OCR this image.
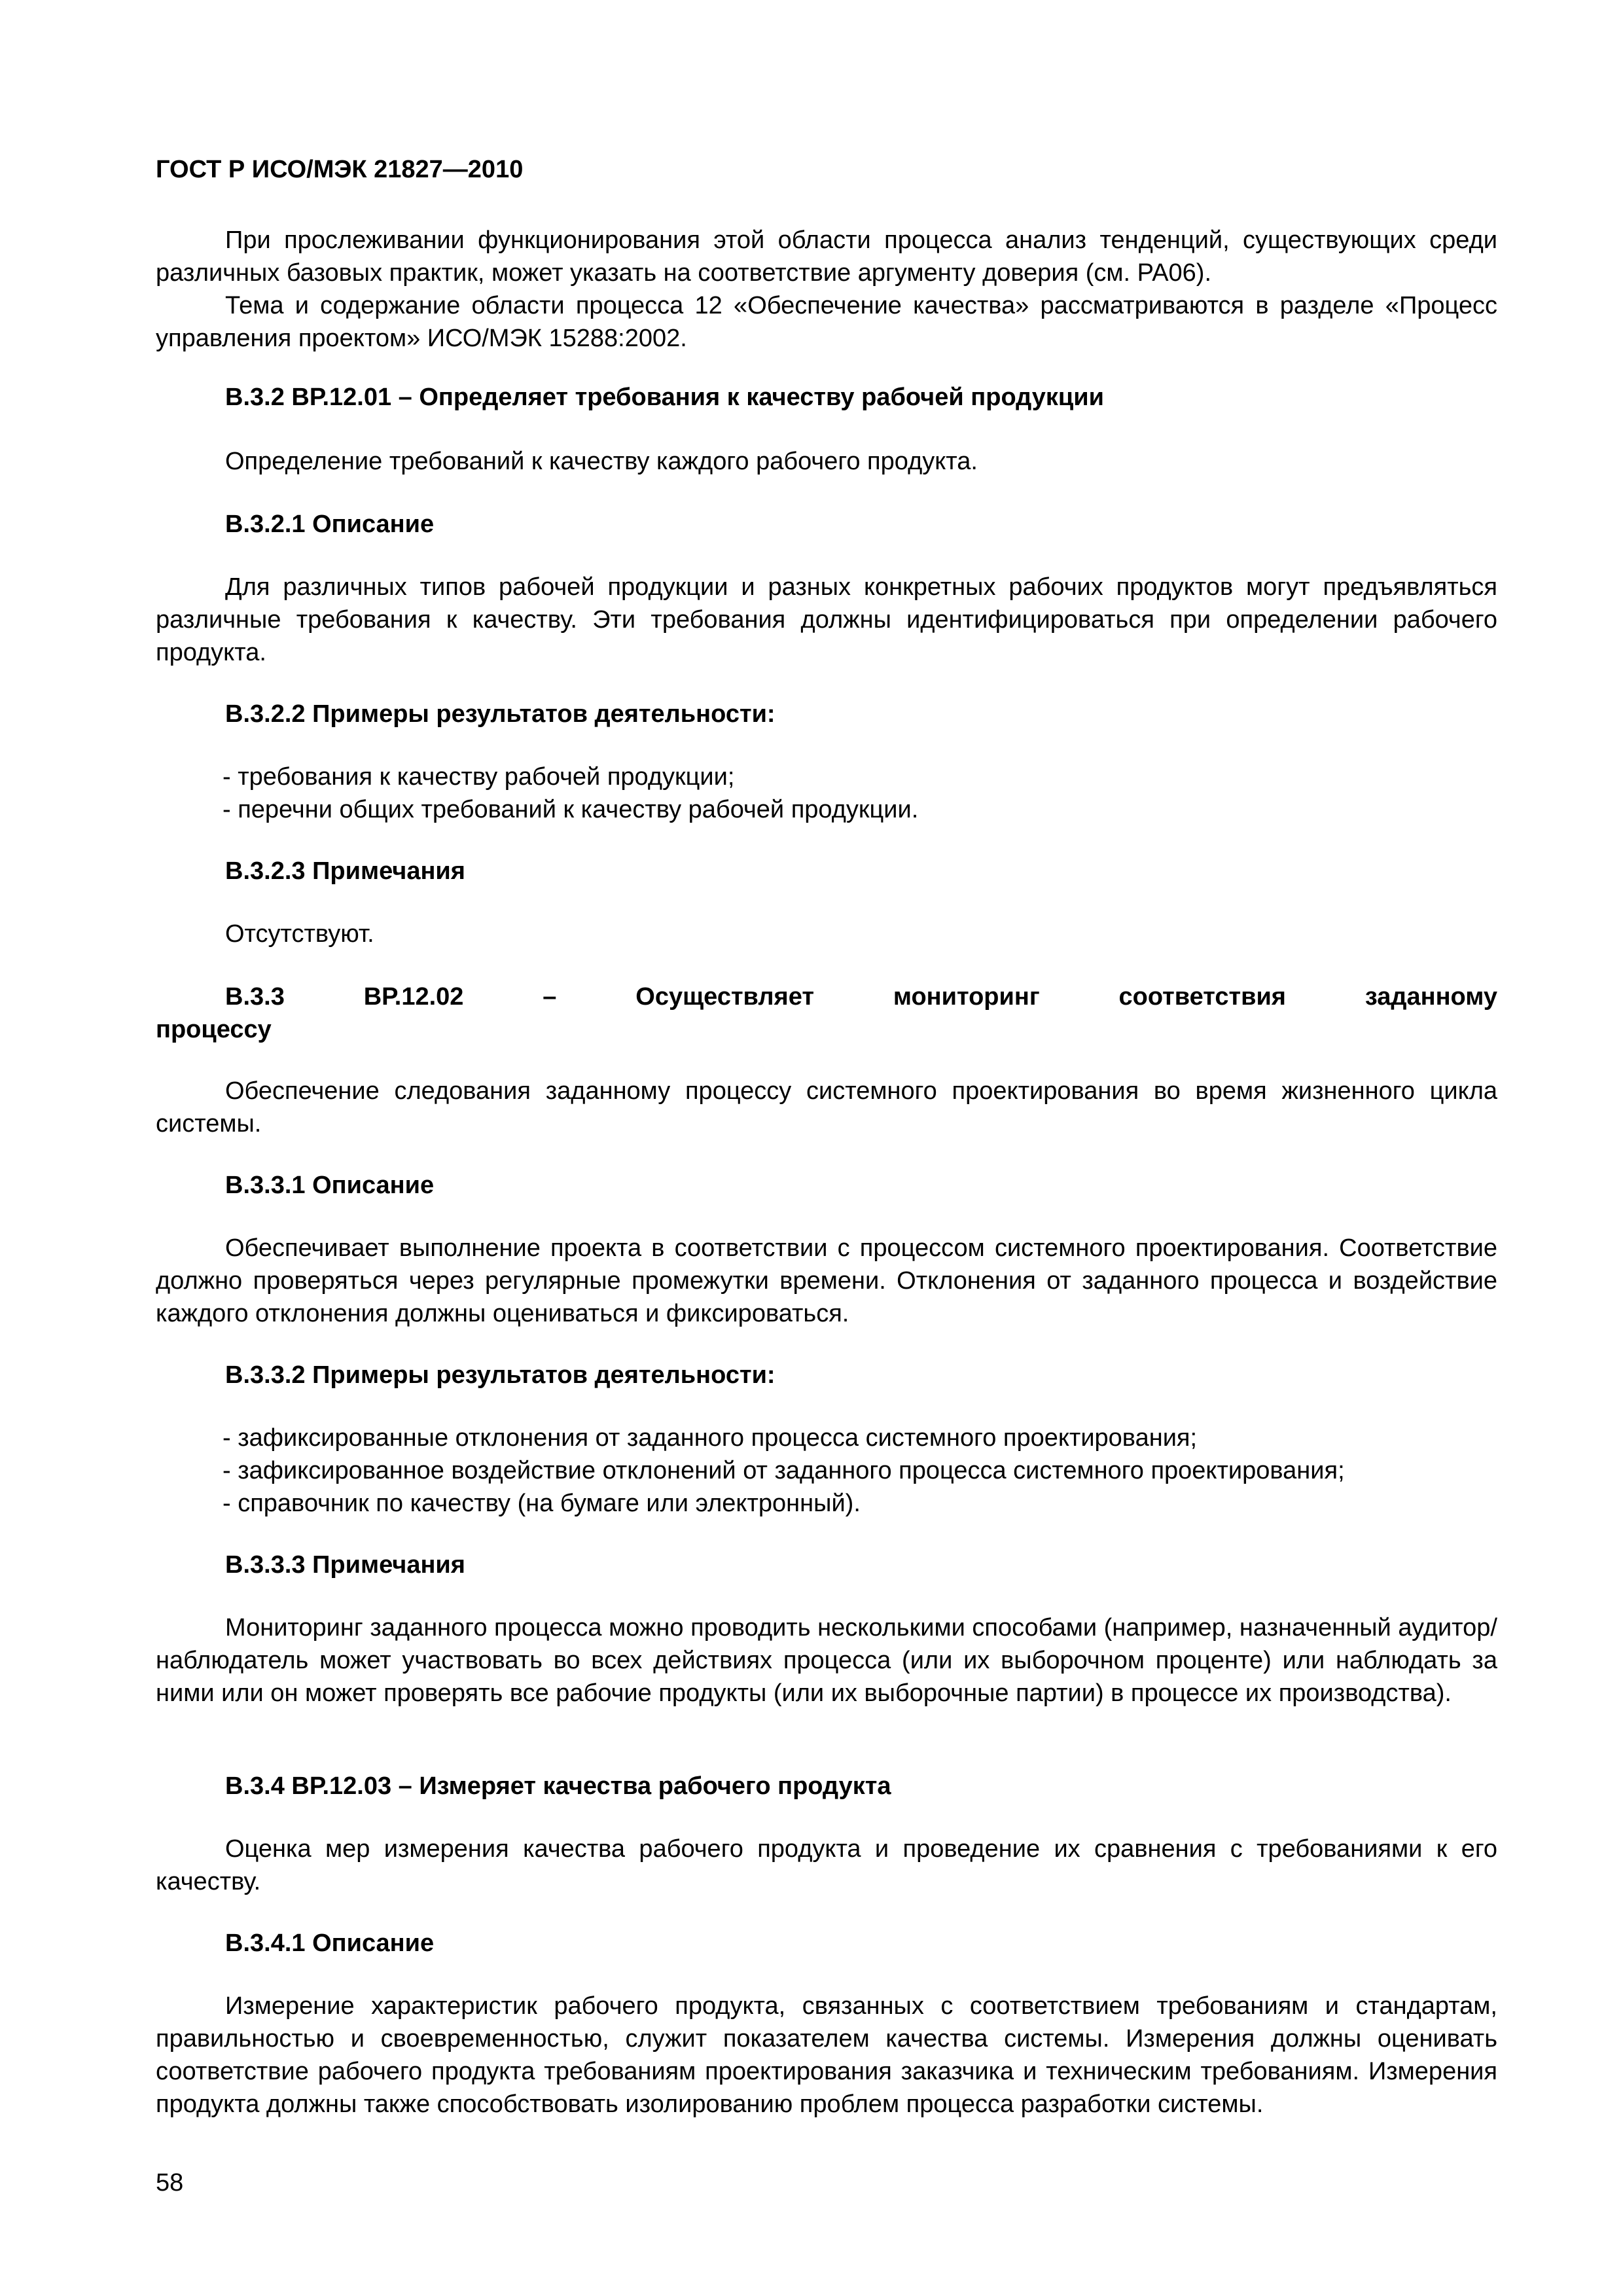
ГОСТ Р ИСО/МЭК 21827—2010

При прослеживании функционирования этой области процесса анализ тенденций, существующих среди различных базовых практик, может указать на соответствие аргументу доверия (см. PA06).

Тема и содержание области процесса 12 «Обеспечение качества» рассматриваются в разделе «Процесс управления проектом» ИСО/МЭК 15288:2002.

В.3.2 ВР.12.01 – Определяет требования к качеству рабочей продукции

Определение требований к качеству каждого рабочего продукта.

В.3.2.1 Описание

Для различных типов рабочей продукции и разных конкретных рабочих продуктов могут предъявляться различные требования к качеству. Эти требования должны идентифицироваться при определении рабочего продукта.

В.3.2.2 Примеры результатов деятельности:

- требования к качеству рабочей продукции;

- перечни общих требований к качеству рабочей продукции.

В.3.2.3 Примечания

Отсутствуют.

В.3.3	ВР.12.02	–	Осуществляет	мониторинг	соответствия	заданному

процессу

Обеспечение следования заданному процессу системного проектирования во время жизненного цикла системы.

В.3.3.1 Описание

Обеспечивает выполнение проекта в соответствии с процессом системного проектирования. Соответствие должно проверяться через регулярные промежутки времени. Отклонения от заданного процесса и воздействие каждого отклонения должны оцениваться и фиксироваться.

В.3.3.2 Примеры результатов деятельности:

- зафиксированные отклонения от заданного процесса системного проектирования;

- зафиксированное воздействие отклонений от заданного процесса системного проектирования;

- справочник по качеству (на бумаге или электронный).

В.3.3.3 Примечания

Мониторинг заданного процесса можно проводить несколькими способами (например, назначенный аудитор/наблюдатель может участвовать во всех действиях процесса (или их выборочном проценте) или наблюдать за ними или он может проверять все рабочие продукты (или их выборочные партии) в процессе их производства).

В.3.4 ВР.12.03 – Измеряет качества рабочего продукта

Оценка мер измерения качества рабочего продукта и проведение их сравнения с требованиями к его качеству.

В.3.4.1 Описание

Измерение характеристик рабочего продукта, связанных с соответствием требованиям и стандартам, правильностью и своевременностью, служит показателем качества системы. Измерения должны оценивать соответствие рабочего продукта требованиям проектирования заказчика и техническим требованиям. Измерения продукта должны также способствовать изолированию проблем процесса разработки системы.

58
